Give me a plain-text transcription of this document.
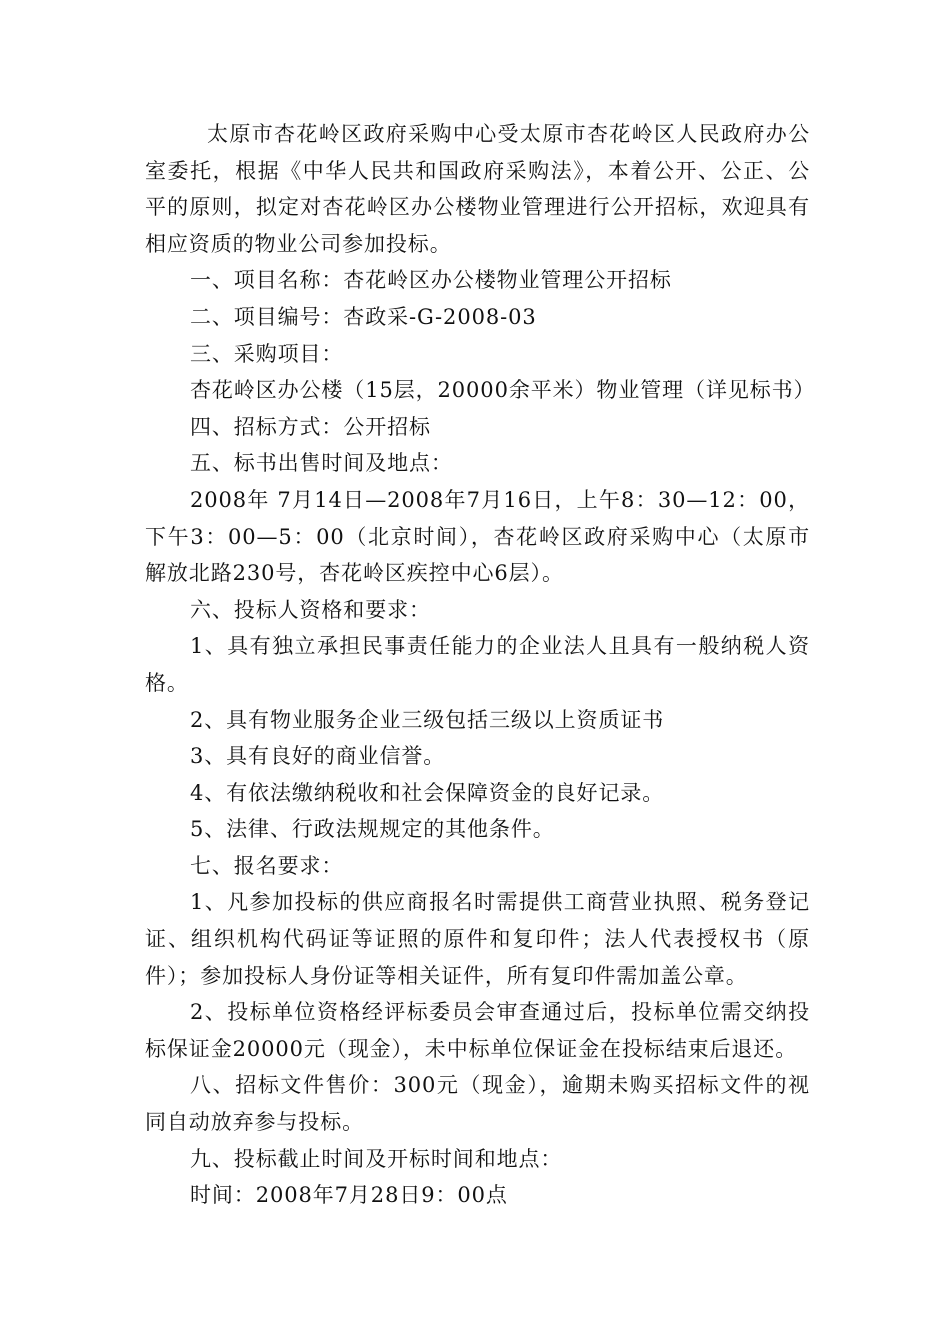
太原市杏花岭区政府采购中心受太原市杏花岭区人民政府办公室委托，根据《中华人民共和国政府采购法》，本着公开、公正、公平的原则，拟定对杏花岭区办公楼物业管理进行公开招标，欢迎具有相应资质的物业公司参加投标。

一、项目名称：杏花岭区办公楼物业管理公开招标

二、项目编号：杏政采-G-2008-03

三、采购项目：

杏花岭区办公楼（15层，20000余平米）物业管理（详见标书）

四、招标方式：公开招标

五、标书出售时间及地点：

2008年 7月14日—2008年7月16日，上午8：30—12：00，下午3：00—5：00（北京时间），杏花岭区政府采购中心（太原市解放北路230号，杏花岭区疾控中心6层）。

六、投标人资格和要求：

1、具有独立承担民事责任能力的企业法人且具有一般纳税人资格。

2、具有物业服务企业三级包括三级以上资质证书

3、具有良好的商业信誉。

4、有依法缴纳税收和社会保障资金的良好记录。

5、法律、行政法规规定的其他条件。

七、报名要求：

1、凡参加投标的供应商报名时需提供工商营业执照、税务登记证、组织机构代码证等证照的原件和复印件；法人代表授权书（原件）；参加投标人身份证等相关证件，所有复印件需加盖公章。

2、投标单位资格经评标委员会审查通过后，投标单位需交纳投标保证金20000元（现金），未中标单位保证金在投标结束后退还。

八、招标文件售价：300元（现金），逾期未购买招标文件的视同自动放弃参与投标。

九、投标截止时间及开标时间和地点：

时间：2008年7月28日9：00点
